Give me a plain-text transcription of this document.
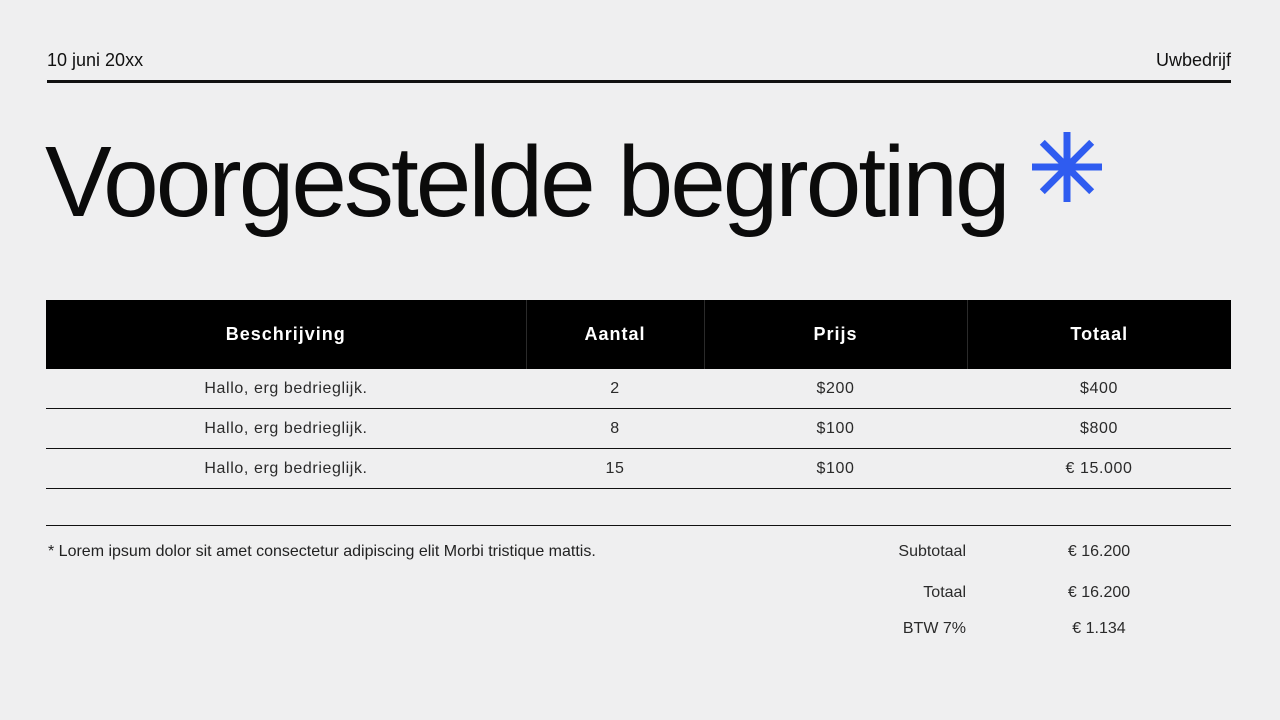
10 juni 20xx	Uwbedrijf
Voorgestelde begroting
Beschrijving	Aantal	Prijs	Totaal
Hallo, erg bedrieglijk.	2	$200	$400
Hallo, erg bedrieglijk.	8	$100	$800
Hallo, erg bedrieglijk.	15	$100	€ 15.000
* Lorem ipsum dolor sit amet consectetur adipiscing elit Morbi tristique mattis.	Subtotaal	€ 16.200
Totaal	€ 16.200
BTW 7%	€ 1.134
